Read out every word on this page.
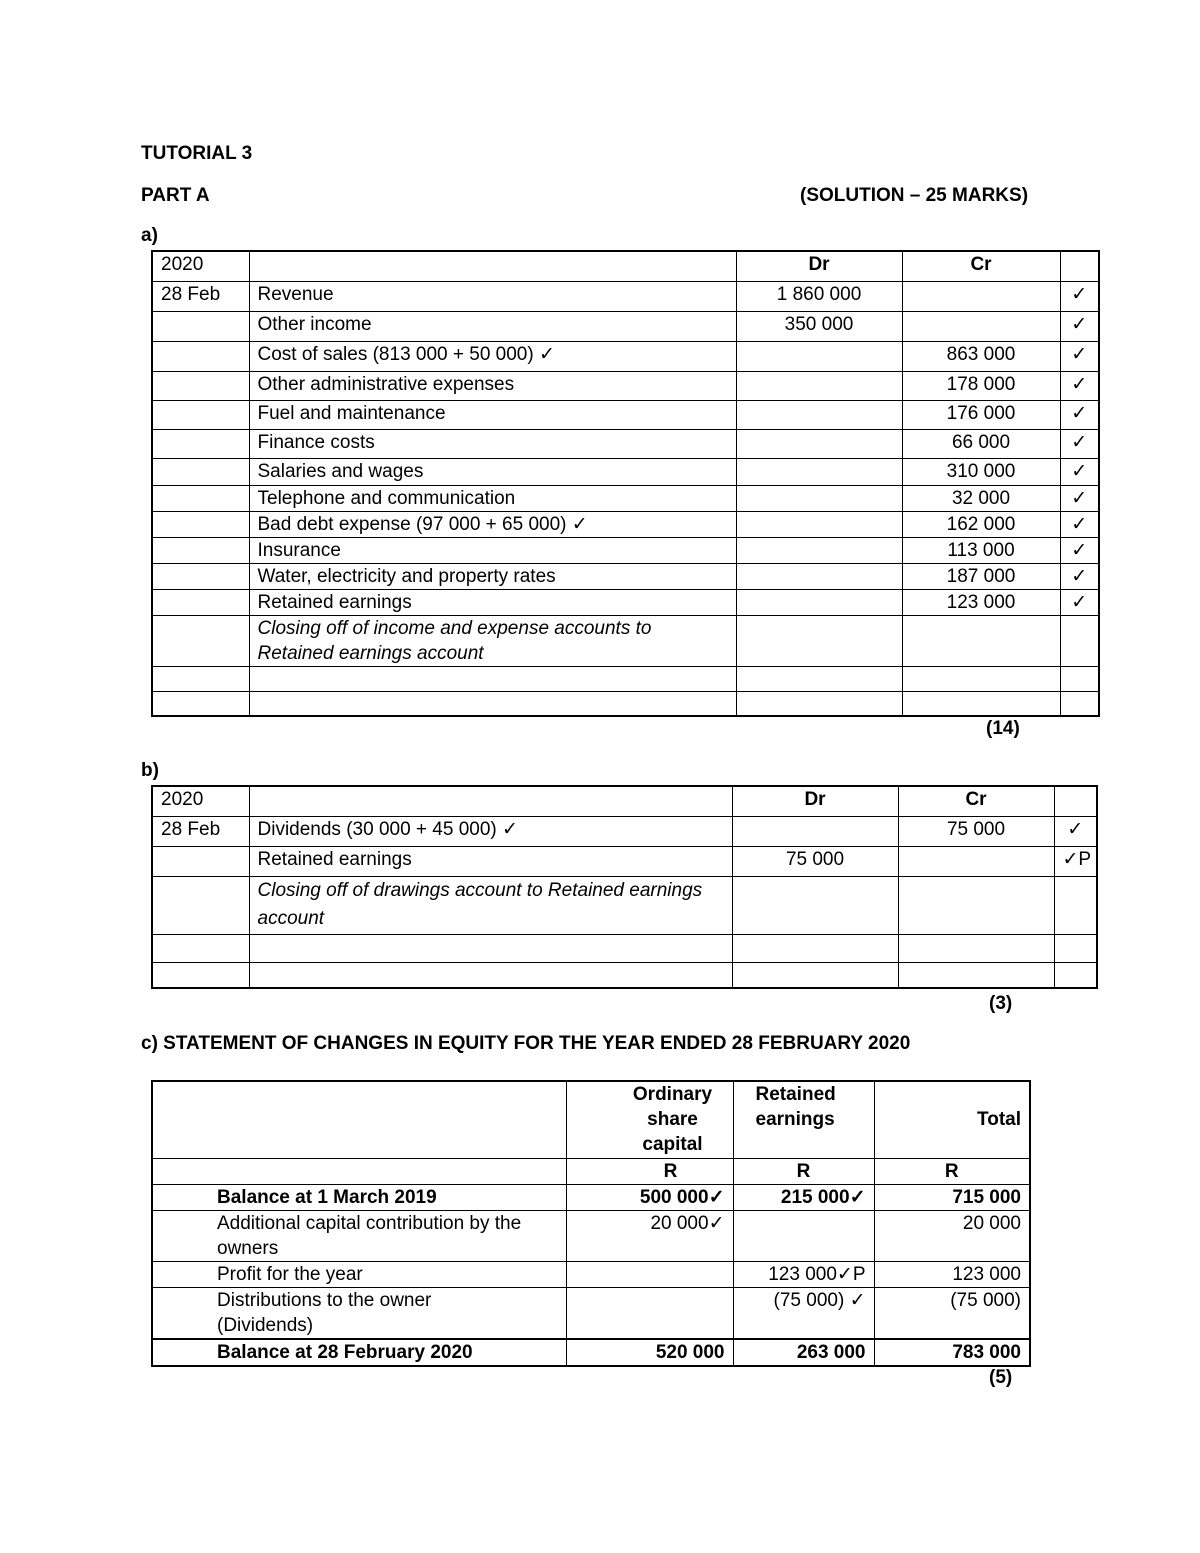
TUTORIAL 3
PART A	(SOLUTION – 25 MARKS)
a)
2020		Dr	Cr	
28 Feb	Revenue	1 860 000		✓
	Other income	350 000		✓
	Cost of sales (813 000 + 50 000) ✓		863 000	✓
	Other administrative expenses		178 000	✓
	Fuel and maintenance		176 000	✓
	Finance costs		66 000	✓
	Salaries and wages		310 000	✓
	Telephone and communication		32 000	✓
	Bad debt expense (97 000 + 65 000) ✓		162 000	✓
	Insurance		113 000	✓
	Water, electricity and property rates		187 000	✓
	Retained earnings		123 000	✓
	Closing off of income and expense accounts to Retained earnings account			

(14)
b)
2020		Dr	Cr	
28 Feb	Dividends (30 000 + 45 000) ✓		75 000	✓
	Retained earnings	75 000		✓P
	Closing off of drawings account to Retained earnings account			

(3)
c) STATEMENT OF CHANGES IN EQUITY FOR THE YEAR ENDED 28 FEBRUARY 2020
	Ordinary share capital	Retained earnings	Total
	R	R	R
Balance at 1 March 2019	500 000✓	215 000✓	715 000
Additional capital contribution by the owners	20 000✓		20 000
Profit for the year		123 000✓P	123 000
Distributions to the owner (Dividends)		(75 000) ✓	(75 000)
Balance at 28 February 2020	520 000	263 000	783 000
(5)
